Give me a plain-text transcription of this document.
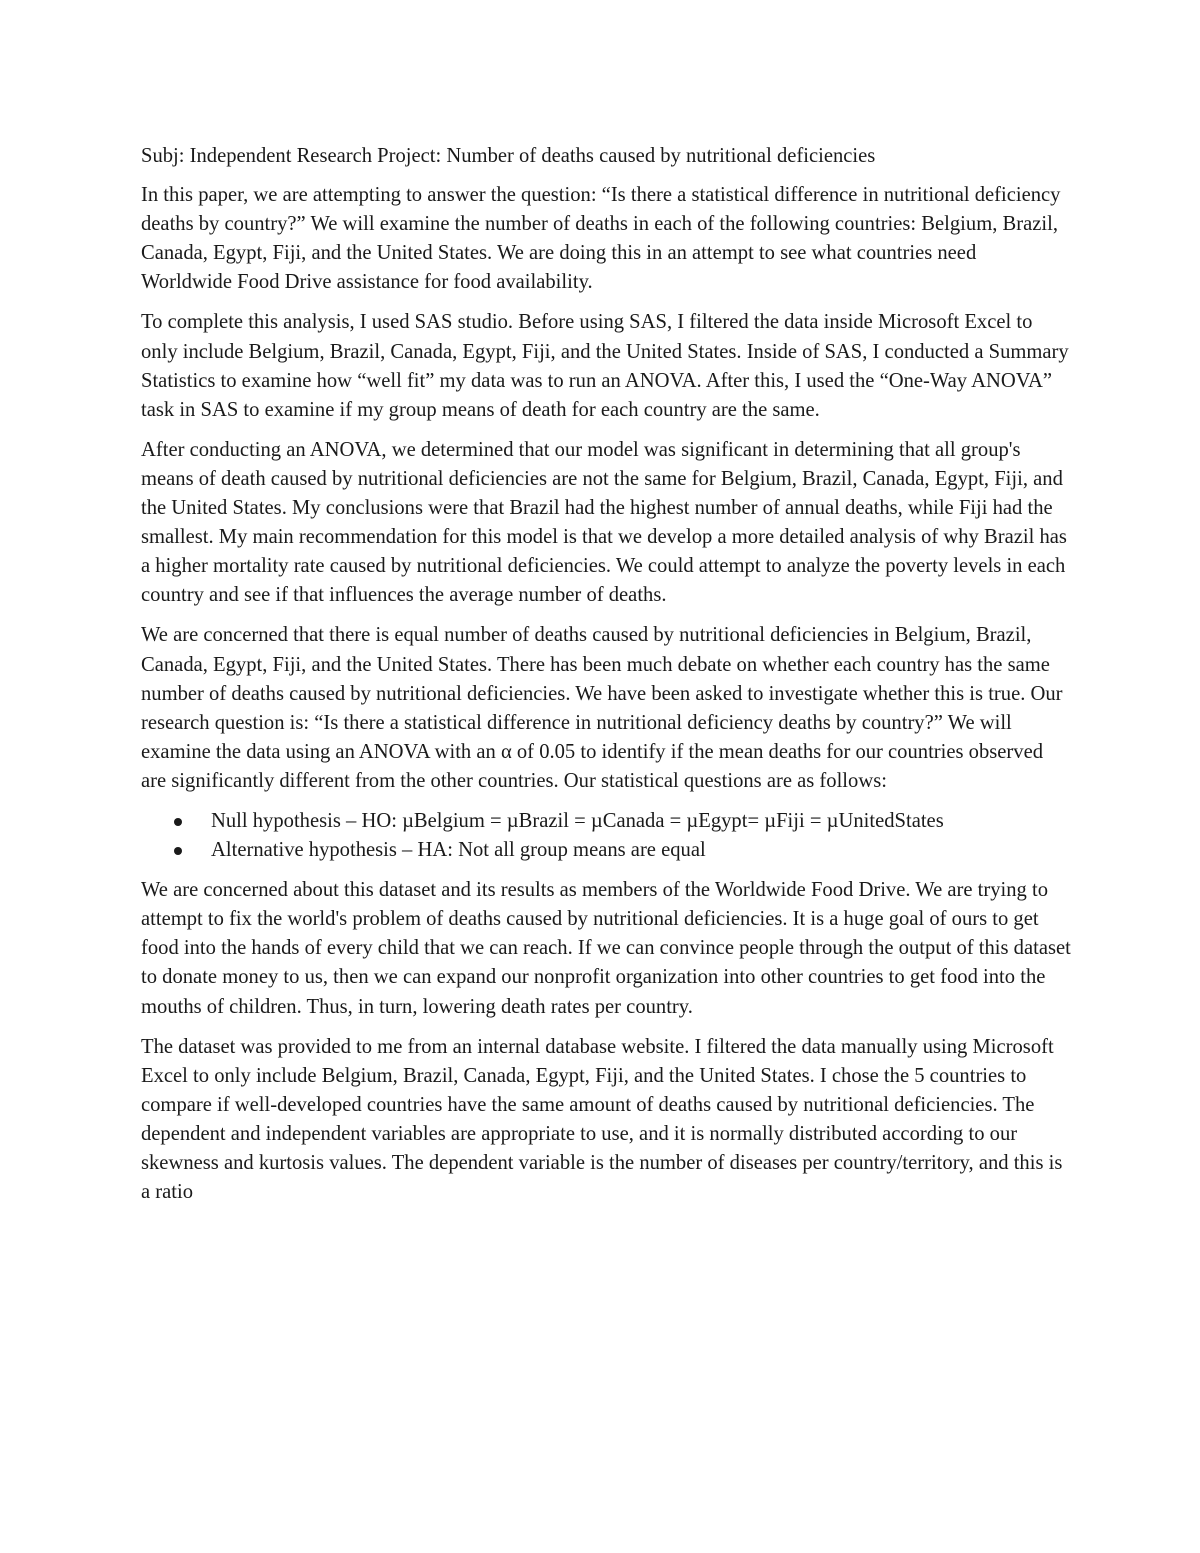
Subj: Independent Research Project: Number of deaths caused by nutritional deficiencies

In this paper, we are attempting to answer the question: “Is there a statistical difference in nutritional deficiency deaths by country?” We will examine the number of deaths in each of the following countries: Belgium, Brazil, Canada, Egypt, Fiji, and the United States. We are doing this in an attempt to see what countries need Worldwide Food Drive assistance for food availability.

To complete this analysis, I used SAS studio. Before using SAS, I filtered the data inside Microsoft Excel to only include Belgium, Brazil, Canada, Egypt, Fiji, and the United States. Inside of SAS, I conducted a Summary Statistics to examine how “well fit” my data was to run an ANOVA. After this, I used the “One-Way ANOVA” task in SAS to examine if my group means of death for each country are the same.

After conducting an ANOVA, we determined that our model was significant in determining that all group's means of death caused by nutritional deficiencies are not the same for Belgium, Brazil, Canada, Egypt, Fiji, and the United States. My conclusions were that Brazil had the highest number of annual deaths, while Fiji had the smallest. My main recommendation for this model is that we develop a more detailed analysis of why Brazil has a higher mortality rate caused by nutritional deficiencies. We could attempt to analyze the poverty levels in each country and see if that influences the average number of deaths.

We are concerned that there is equal number of deaths caused by nutritional deficiencies in Belgium, Brazil, Canada, Egypt, Fiji, and the United States. There has been much debate on whether each country has the same number of deaths caused by nutritional deficiencies. We have been asked to investigate whether this is true. Our research question is: “Is there a statistical difference in nutritional deficiency deaths by country?” We will examine the data using an ANOVA with an α of 0.05 to identify if the mean deaths for our countries observed are significantly different from the other countries. Our statistical questions are as follows:

Null hypothesis – HO: µBelgium = µBrazil = µCanada = µEgypt= µFiji = µUnitedStates
Alternative hypothesis – HA: Not all group means are equal

We are concerned about this dataset and its results as members of the Worldwide Food Drive. We are trying to attempt to fix the world's problem of deaths caused by nutritional deficiencies. It is a huge goal of ours to get food into the hands of every child that we can reach. If we can convince people through the output of this dataset to donate money to us, then we can expand our nonprofit organization into other countries to get food into the mouths of children. Thus, in turn, lowering death rates per country.

The dataset was provided to me from an internal database website. I filtered the data manually using Microsoft Excel to only include Belgium, Brazil, Canada, Egypt, Fiji, and the United States. I chose the 5 countries to compare if well-developed countries have the same amount of deaths caused by nutritional deficiencies. The dependent and independent variables are appropriate to use, and it is normally distributed according to our skewness and kurtosis values. The dependent variable is the number of diseases per country/territory, and this is a ratio
